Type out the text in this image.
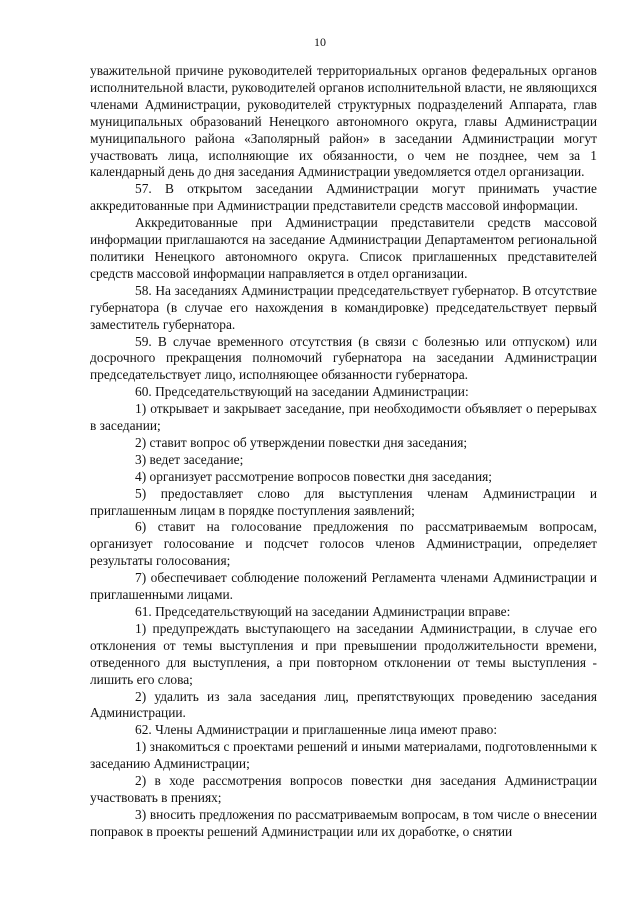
10

уважительной причине руководителей территориальных органов федеральных органов исполнительной власти, руководителей органов исполнительной власти, не являющихся членами Администрации, руководителей структурных подразделений Аппарата, глав муниципальных образований Ненецкого автономного округа, главы Администрации муниципального района «Заполярный район» в заседании Администрации могут участвовать лица, исполняющие их обязанности, о чем не позднее, чем за 1 календарный день до дня заседания Администрации уведомляется отдел организации.

57. В открытом заседании Администрации могут принимать участие аккредитованные при Администрации представители средств массовой информации.

Аккредитованные при Администрации представители средств массовой информации приглашаются на заседание Администрации Департаментом региональной политики Ненецкого автономного округа. Список приглашенных представителей средств массовой информации направляется в отдел организации.

58. На заседаниях Администрации председательствует губернатор. В отсутствие губернатора (в случае его нахождения в командировке) председательствует первый заместитель губернатора.

59. В случае временного отсутствия (в связи с болезнью или отпуском) или досрочного прекращения полномочий губернатора на заседании Администрации председательствует лицо, исполняющее обязанности губернатора.

60. Председательствующий на заседании Администрации:

1) открывает и закрывает заседание, при необходимости объявляет о перерывах в заседании;

2) ставит вопрос об утверждении повестки дня заседания;

3) ведет заседание;

4) организует рассмотрение вопросов повестки дня заседания;

5) предоставляет слово для выступления членам Администрации и приглашенным лицам в порядке поступления заявлений;

6) ставит на голосование предложения по рассматриваемым вопросам, организует голосование и подсчет голосов членов Администрации, определяет результаты голосования;

7) обеспечивает соблюдение положений Регламента членами Администрации и приглашенными лицами.

61. Председательствующий на заседании Администрации вправе:

1) предупреждать выступающего на заседании Администрации, в случае его отклонения от темы выступления и при превышении продолжительности времени, отведенного для выступления, а при повторном отклонении от темы выступления - лишить его слова;

2) удалить из зала заседания лиц, препятствующих проведению заседания Администрации.

62. Члены Администрации и приглашенные лица имеют право:

1) знакомиться с проектами решений и иными материалами, подготовленными к заседанию Администрации;

2) в ходе рассмотрения вопросов повестки дня заседания Администрации участвовать в прениях;

3) вносить предложения по рассматриваемым вопросам, в том числе о внесении поправок в проекты решений Администрации или их доработке, о снятии
